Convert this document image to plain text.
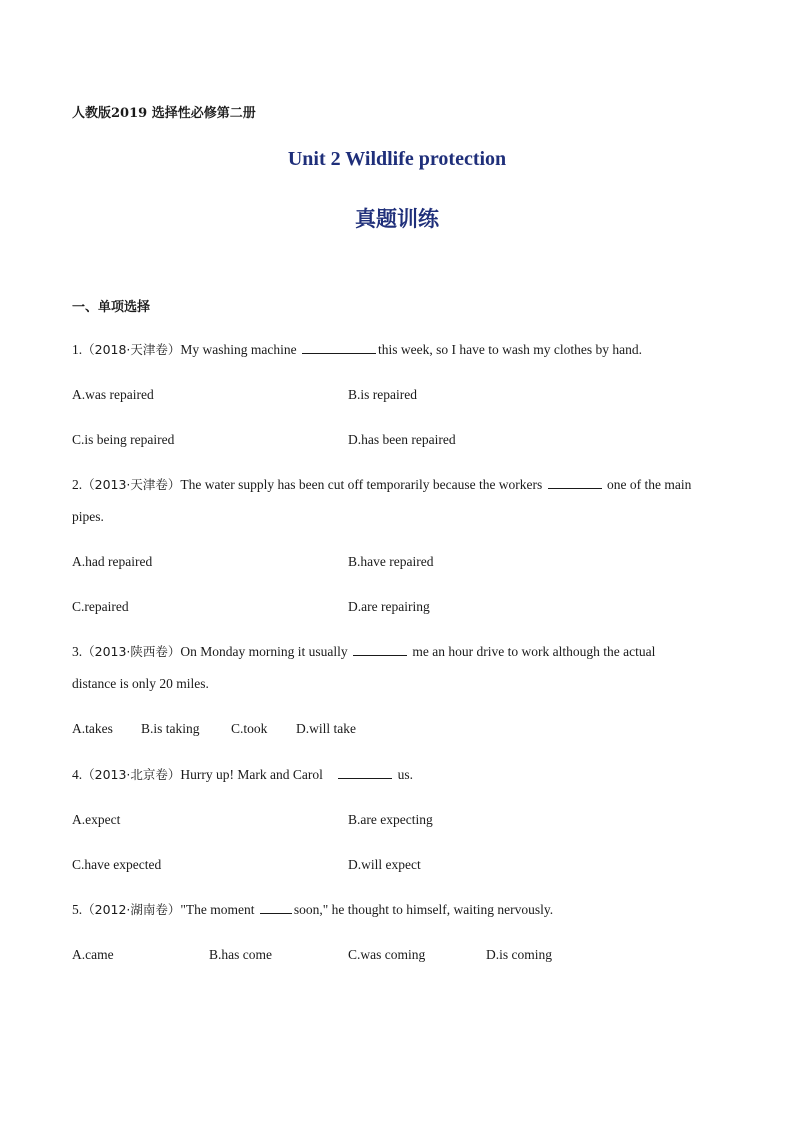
人教版2019 选择性必修第二册
Unit 2 Wildlife protection
真题训练
一、单项选择
1.（2018·天津卷）My washing machine	this week, so I have to wash my clothes by hand.
A.was repaired	B.is repaired
C.is being repaired	D.has been repaired
2.（2013·天津卷）The water supply has been cut off temporarily because the workers	one of the main
pipes.
A.had repaired	B.have repaired
C.repaired	D.are repairing
3.（2013·陕西卷）On Monday morning it usually	me an hour drive to work although the actual
distance is only 20 miles.
A.takes B.is taking C.took D.will take
4.（2013·北京卷）Hurry up! Mark and Carol	us.
A.expect	B.are expecting
C.have expected	D.will expect
5.（2012·湖南卷）"The moment	soon," he thought to himself, waiting nervously.
A.came	B.has come	C.was coming	D.is coming
